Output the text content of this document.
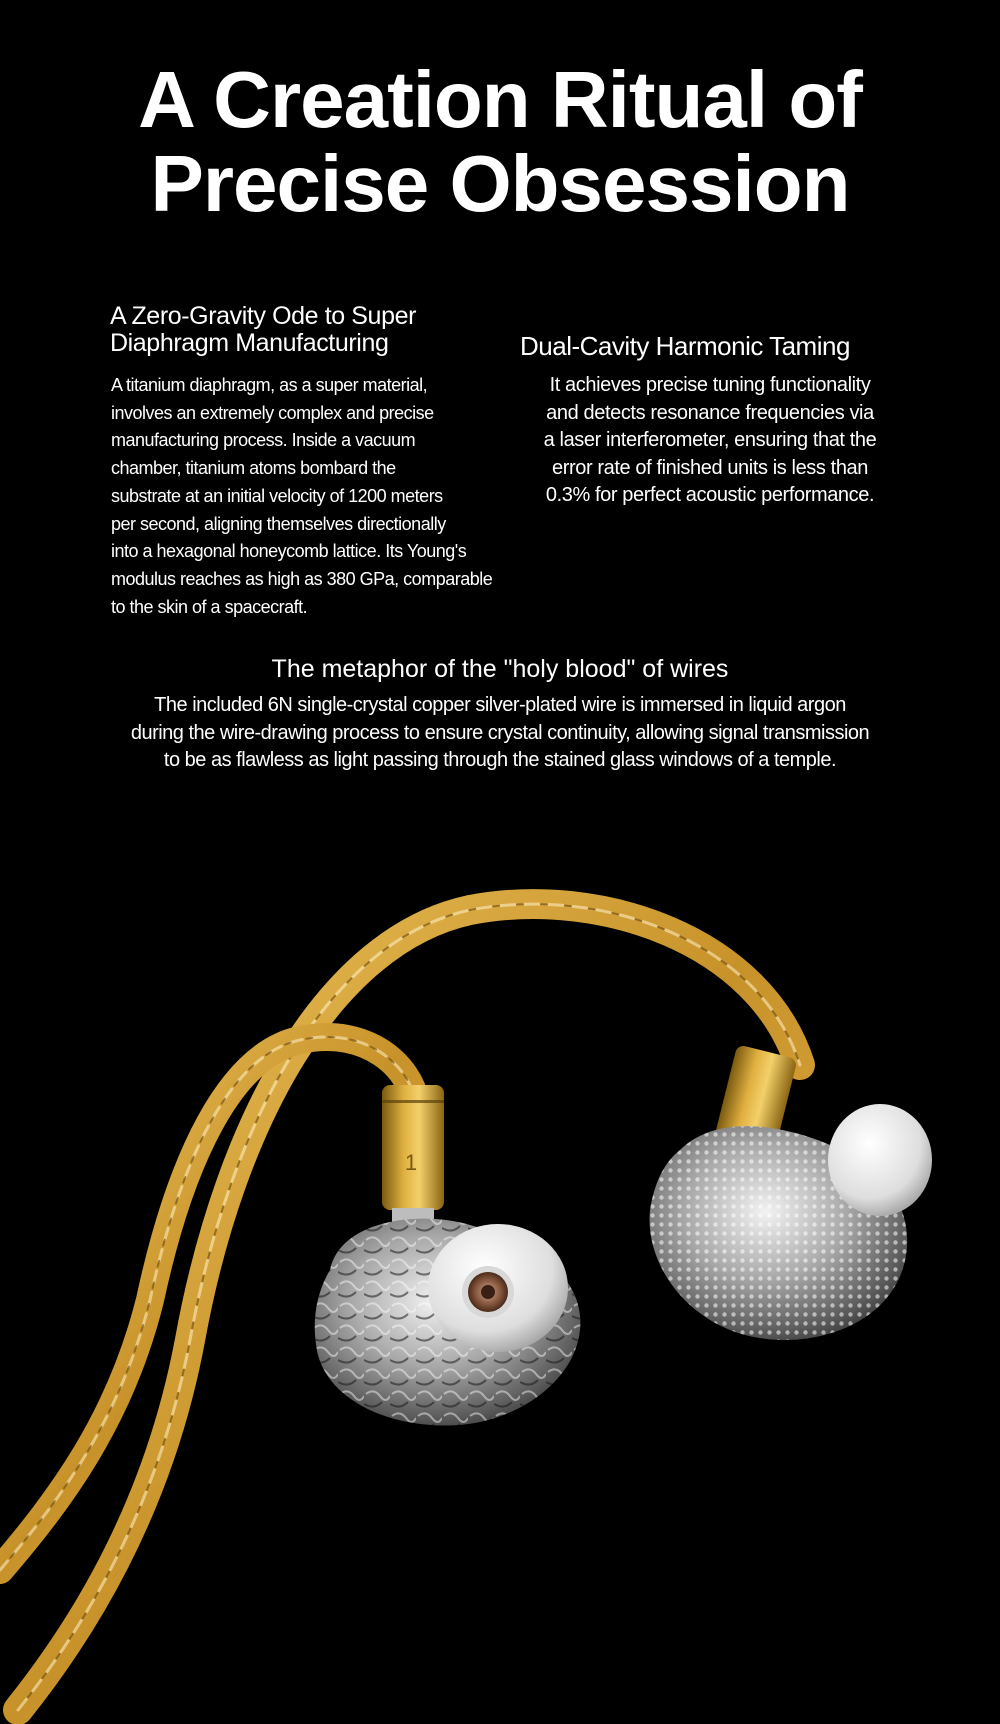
A Creation Ritual of
Precise Obsession
A Zero-Gravity Ode to Super
Diaphragm Manufacturing

A titanium diaphragm, as a super material,
involves an extremely complex and precise
manufacturing process. Inside a vacuum
chamber, titanium atoms bombard the
substrate at an initial velocity of 1200 meters
per second, aligning themselves directionally
into a hexagonal honeycomb lattice. Its Young's
modulus reaches as high as 380 GPa, comparable
to the skin of a spacecraft.

Dual-Cavity Harmonic Taming

It achieves precise tuning functionality
and detects resonance frequencies via
a laser interferometer, ensuring that the
error rate of finished units is less than
0.3% for perfect acoustic performance.

The metaphor of the "holy blood" of wires

The included 6N single-crystal copper silver-plated wire is immersed in liquid argon
during the wire-drawing process to ensure crystal continuity, allowing signal transmission
to be as flawless as light passing through the stained glass windows of a temple.

1
